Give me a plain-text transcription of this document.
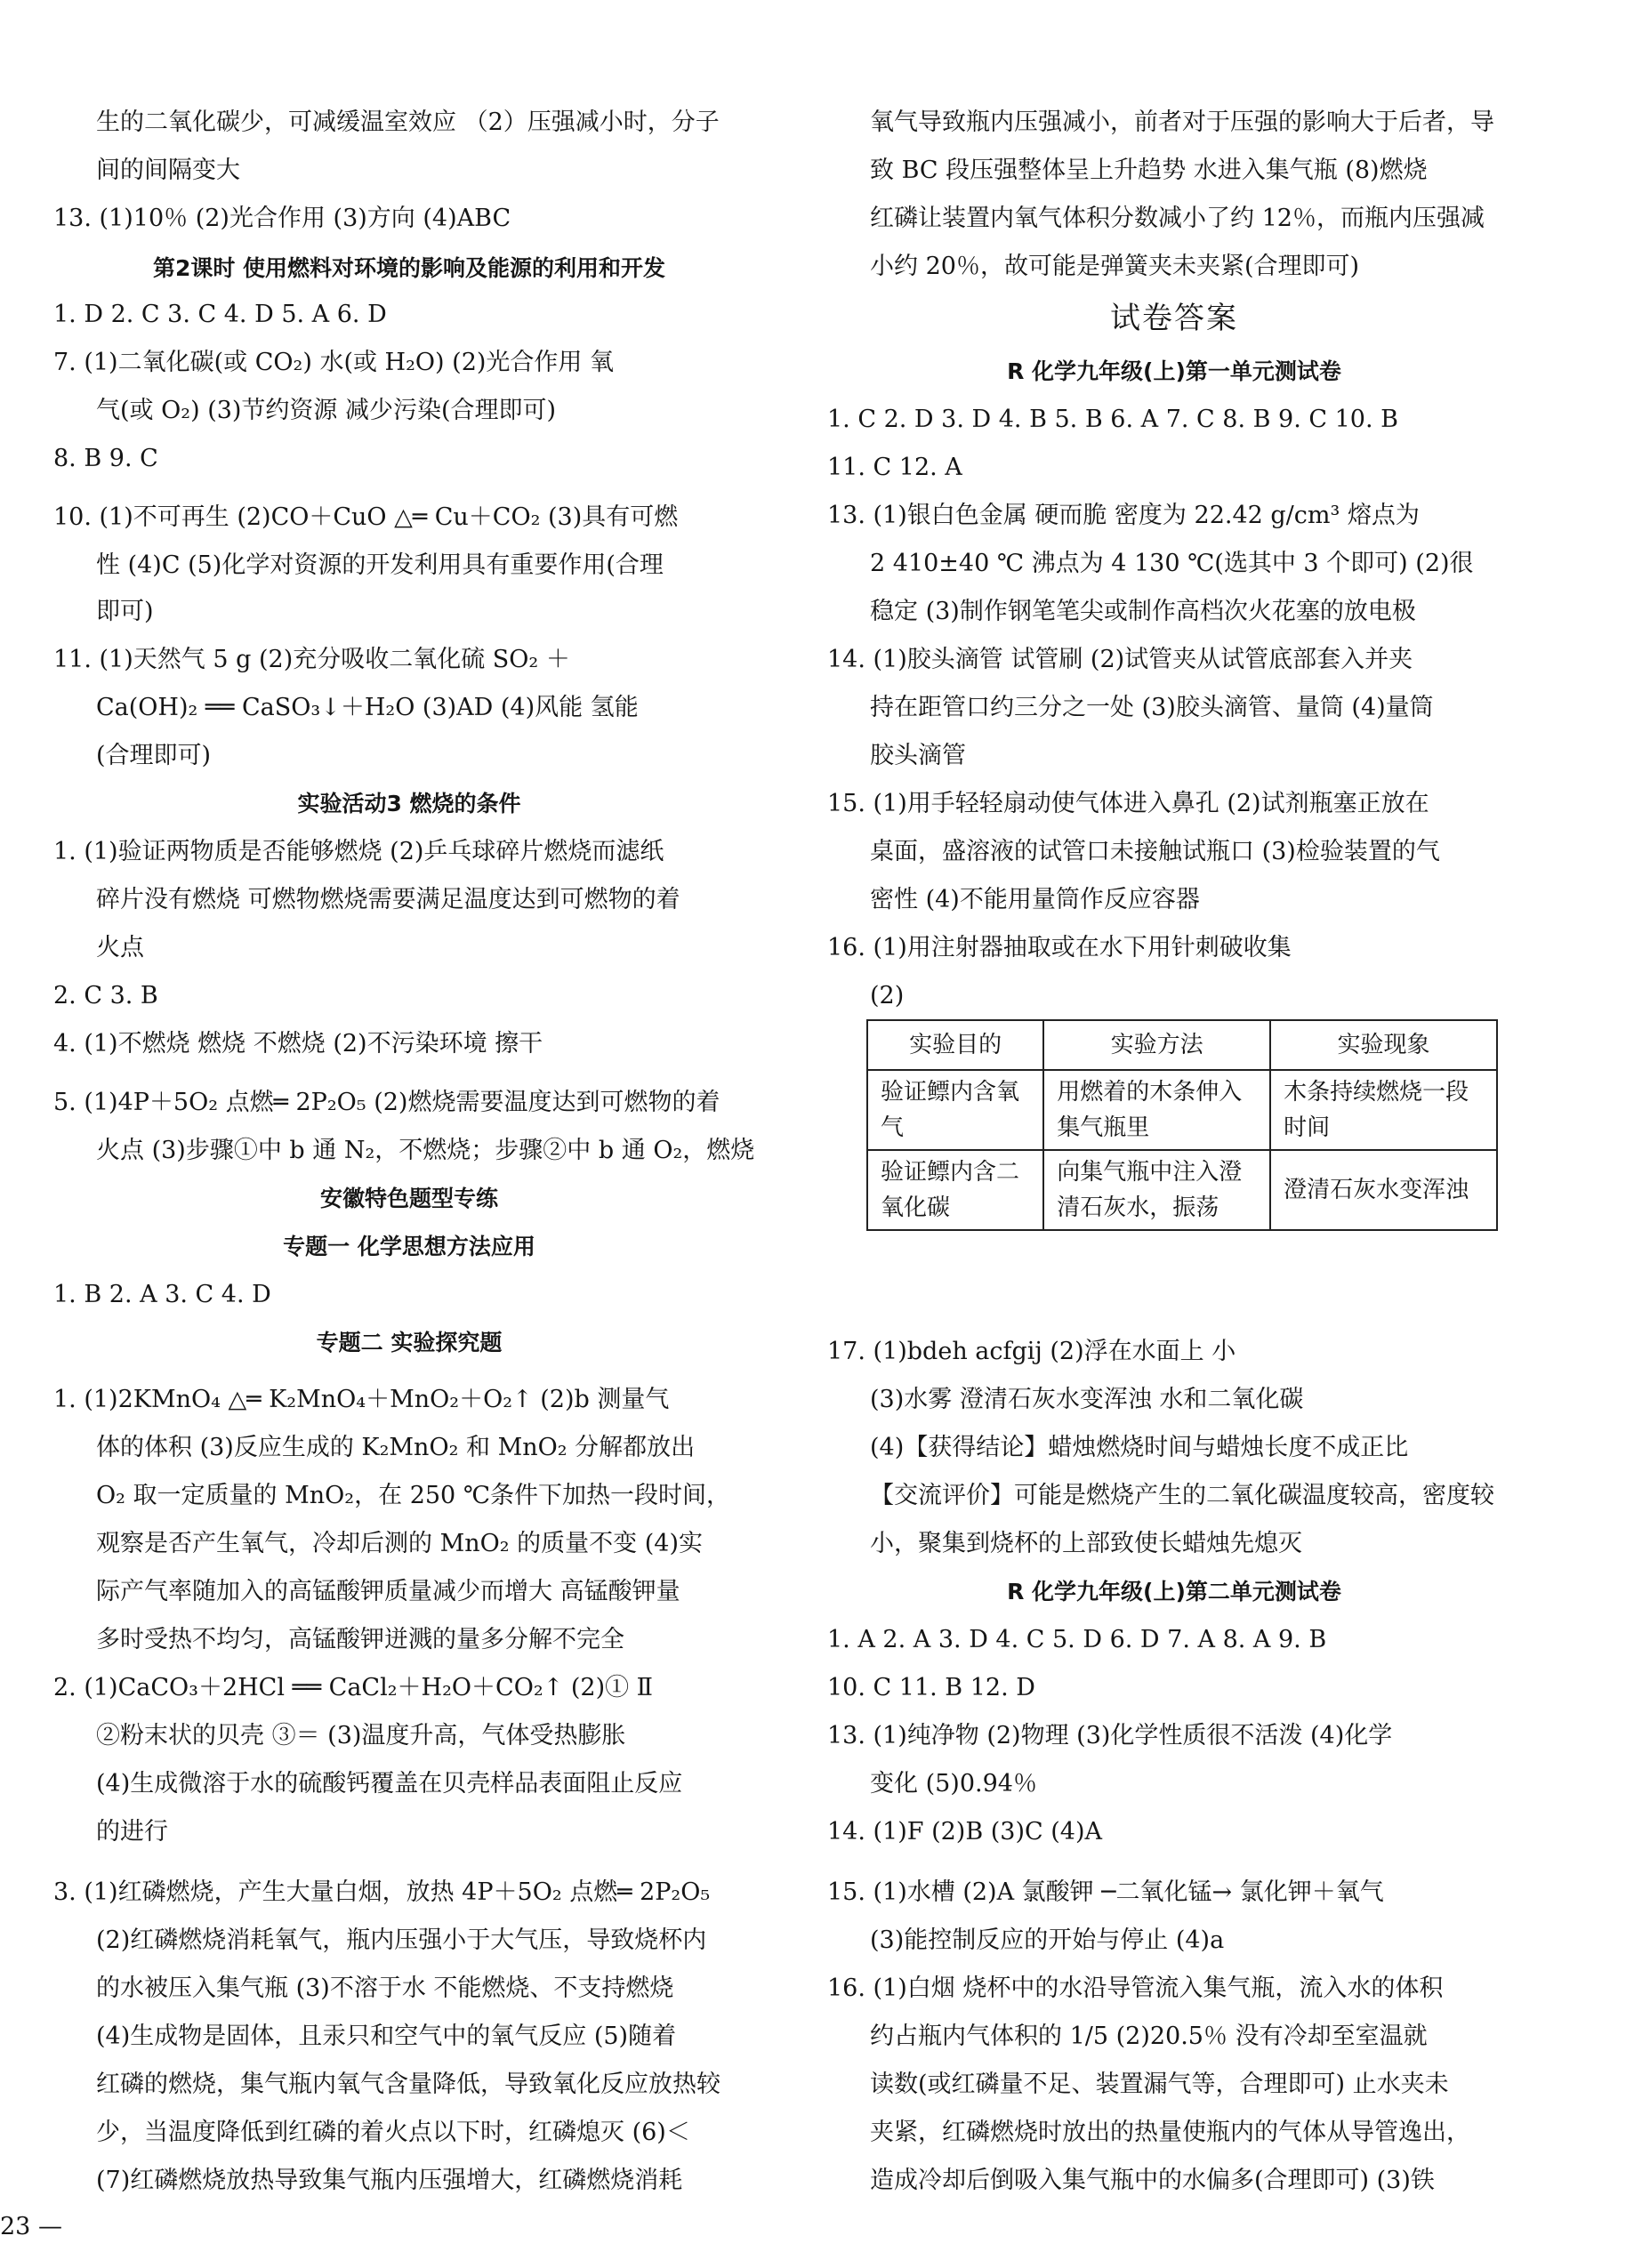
生的二氧化碳少，可减缓温室效应 （2）压强减小时，分子
间的间隔变大
13. (1)10％ (2)光合作用 (3)方向 (4)ABC
第2课时 使用燃料对环境的影响及能源的利用和开发
1. D 2. C 3. C 4. D 5. A 6. D
7. (1)二氧化碳(或 CO₂) 水(或 H₂O) (2)光合作用 氧
气(或 O₂) (3)节约资源 减少污染(合理即可)
8. B 9. C
10. (1)不可再生 (2)CO＋CuO △═ Cu＋CO₂ (3)具有可燃
性 (4)C (5)化学对资源的开发利用具有重要作用(合理
即可)
11. (1)天然气 5 g (2)充分吸收二氧化硫 SO₂ ＋
Ca(OH)₂ ══ CaSO₃↓＋H₂O (3)AD (4)风能 氢能
(合理即可)
实验活动3 燃烧的条件
1. (1)验证两物质是否能够燃烧 (2)乒乓球碎片燃烧而滤纸
碎片没有燃烧 可燃物燃烧需要满足温度达到可燃物的着
火点
2. C 3. B
4. (1)不燃烧 燃烧 不燃烧 (2)不污染环境 擦干
5. (1)4P＋5O₂ 点燃═ 2P₂O₅ (2)燃烧需要温度达到可燃物的着
火点 (3)步骤①中 b 通 N₂，不燃烧；步骤②中 b 通 O₂，燃烧
安徽特色题型专练
专题一 化学思想方法应用
1. B 2. A 3. C 4. D
专题二 实验探究题
1. (1)2KMnO₄ △═ K₂MnO₄＋MnO₂＋O₂↑ (2)b 测量气
体的体积 (3)反应生成的 K₂MnO₂ 和 MnO₂ 分解都放出
O₂ 取一定质量的 MnO₂，在 250 ℃条件下加热一段时间，
观察是否产生氧气，冷却后测的 MnO₂ 的质量不变 (4)实
际产气率随加入的高锰酸钾质量减少而增大 高锰酸钾量
多时受热不均匀，高锰酸钾迸溅的量多分解不完全
2. (1)CaCO₃＋2HCl ══ CaCl₂＋H₂O＋CO₂↑ (2)① Ⅱ
②粉末状的贝壳 ③＝ (3)温度升高，气体受热膨胀
(4)生成微溶于水的硫酸钙覆盖在贝壳样品表面阻止反应
的进行
3. (1)红磷燃烧，产生大量白烟，放热 4P＋5O₂ 点燃═ 2P₂O₅
(2)红磷燃烧消耗氧气，瓶内压强小于大气压，导致烧杯内
的水被压入集气瓶 (3)不溶于水 不能燃烧、不支持燃烧
(4)生成物是固体，且汞只和空气中的氧气反应 (5)随着
红磷的燃烧，集气瓶内氧气含量降低，导致氧化反应放热较
少，当温度降低到红磷的着火点以下时，红磷熄灭 (6)＜
(7)红磷燃烧放热导致集气瓶内压强增大，红磷燃烧消耗
23 —
氧气导致瓶内压强减小，前者对于压强的影响大于后者，导
致 BC 段压强整体呈上升趋势 水进入集气瓶 (8)燃烧
红磷让装置内氧气体积分数减小了约 12％，而瓶内压强减
小约 20％，故可能是弹簧夹未夹紧(合理即可)
试卷答案
R 化学九年级(上)第一单元测试卷
1. C 2. D 3. D 4. B 5. B 6. A 7. C 8. B 9. C 10. B
11. C 12. A
13. (1)银白色金属 硬而脆 密度为 22.42 g/cm³ 熔点为
2 410±40 ℃ 沸点为 4 130 ℃(选其中 3 个即可) (2)很
稳定 (3)制作钢笔笔尖或制作高档次火花塞的放电极
14. (1)胶头滴管 试管刷 (2)试管夹从试管底部套入并夹
持在距管口约三分之一处 (3)胶头滴管、量筒 (4)量筒
胶头滴管
15. (1)用手轻轻扇动使气体进入鼻孔 (2)试剂瓶塞正放在
桌面，盛溶液的试管口未接触试瓶口 (3)检验装置的气
密性 (4)不能用量筒作反应容器
16. (1)用注射器抽取或在水下用针刺破收集
(2)
实验目的	实验方法	实验现象
验证鳔内含氧气	用燃着的木条伸入集气瓶里	木条持续燃烧一段时间
验证鳔内含二氧化碳	向集气瓶中注入澄清石灰水，振荡	澄清石灰水变浑浊
17. (1)bdeh acfgij (2)浮在水面上 小
(3)水雾 澄清石灰水变浑浊 水和二氧化碳
(4)【获得结论】蜡烛燃烧时间与蜡烛长度不成正比
【交流评价】可能是燃烧产生的二氧化碳温度较高，密度较
小，聚集到烧杯的上部致使长蜡烛先熄灭
R 化学九年级(上)第二单元测试卷
1. A 2. A 3. D 4. C 5. D 6. D 7. A 8. A 9. B
10. C 11. B 12. D
13. (1)纯净物 (2)物理 (3)化学性质很不活泼 (4)化学
变化 (5)0.94％
14. (1)F (2)B (3)C (4)A
15. (1)水槽 (2)A 氯酸钾 ─二氧化锰→ 氯化钾＋氧气
(3)能控制反应的开始与停止 (4)a
16. (1)白烟 烧杯中的水沿导管流入集气瓶，流入水的体积
约占瓶内气体积的 1/5 (2)20.5％ 没有冷却至室温就
读数(或红磷量不足、装置漏气等，合理即可) 止水夹未
夹紧，红磷燃烧时放出的热量使瓶内的气体从导管逸出，
造成冷却后倒吸入集气瓶中的水偏多(合理即可) (3)铁
